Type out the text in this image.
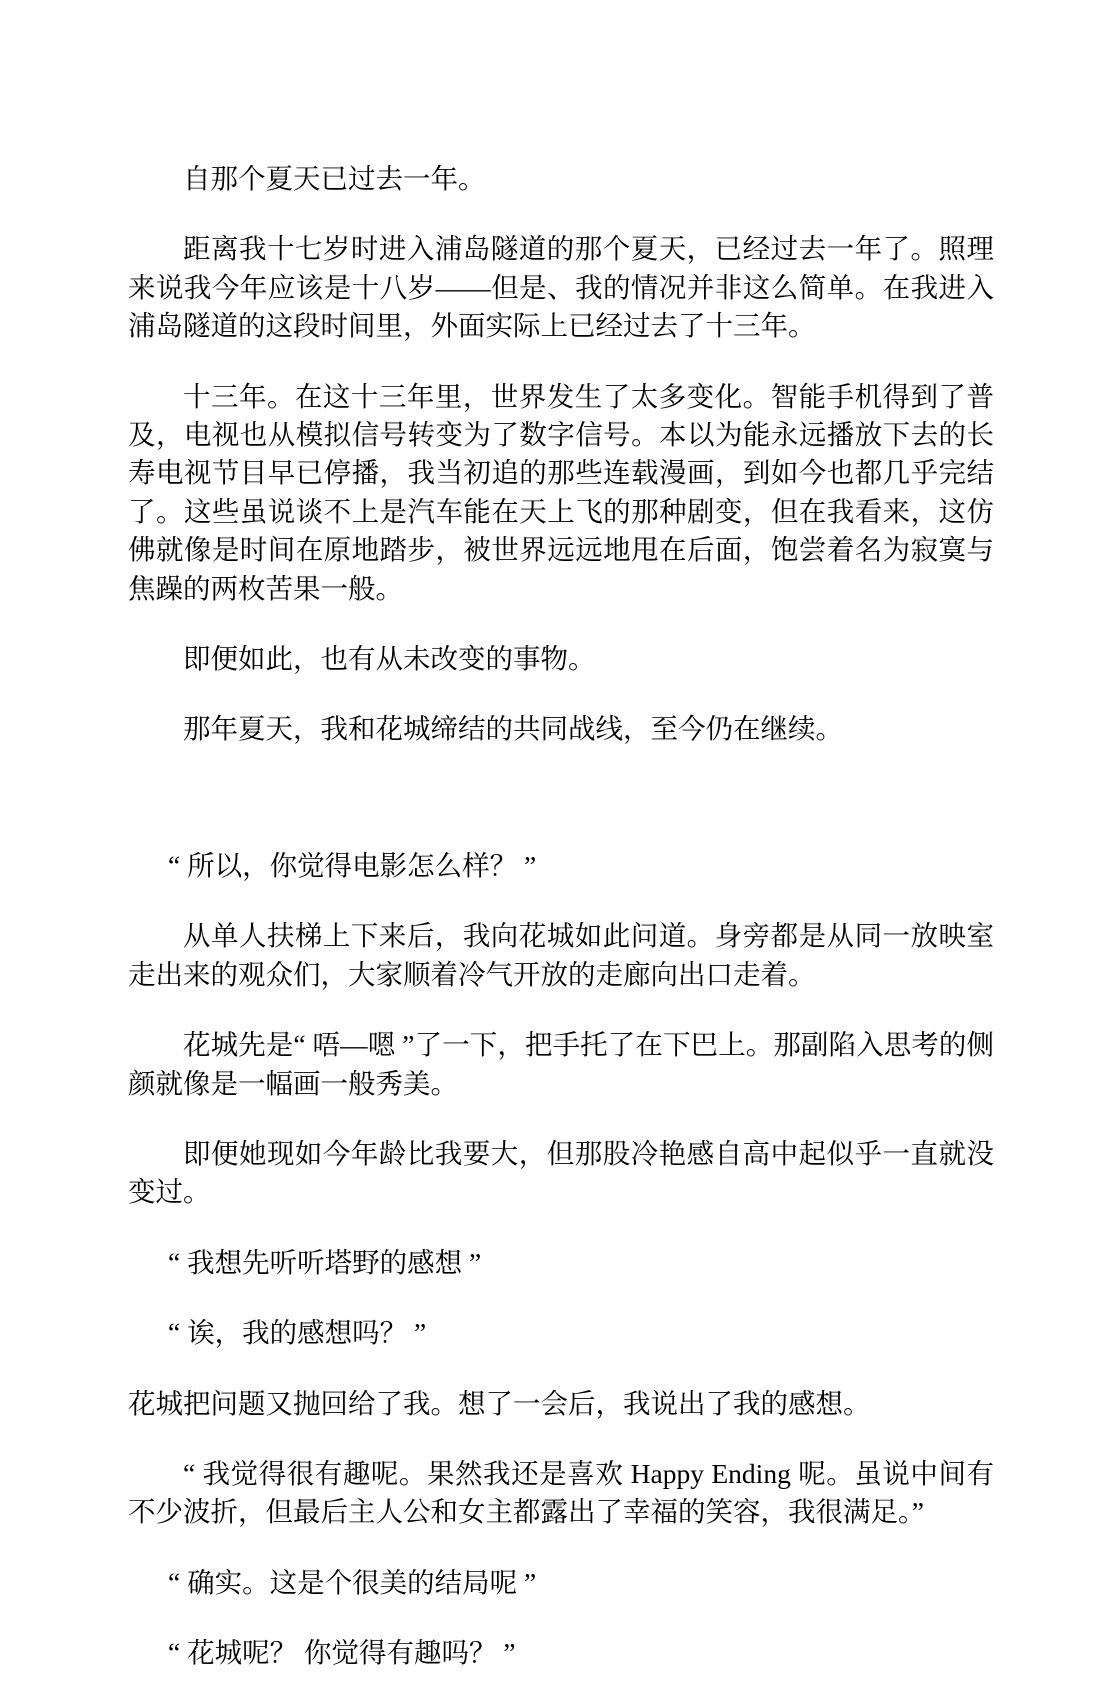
自那个夏天已过去一年。

距离我十七岁时进入浦岛隧道的那个夏天，已经过去一年了。照理来说我今年应该是十八岁——但是、我的情况并非这么简单。在我进入浦岛隧道的这段时间里，外面实际上已经过去了十三年。

十三年。在这十三年里，世界发生了太多变化。智能手机得到了普及，电视也从模拟信号转变为了数字信号。本以为能永远播放下去的长寿电视节目早已停播，我当初追的那些连载漫画，到如今也都几乎完结了。这些虽说谈不上是汽车能在天上飞的那种剧变，但在我看来，这仿佛就像是时间在原地踏步，被世界远远地甩在后面，饱尝着名为寂寞与焦躁的两枚苦果一般。

即便如此，也有从未改变的事物。

那年夏天，我和花城缔结的共同战线，至今仍在继续。

“ 所以，你觉得电影怎么样？ ”

从单人扶梯上下来后，我向花城如此问道。身旁都是从同一放映室走出来的观众们，大家顺着冷气开放的走廊向出口走着。

花城先是“ 唔—嗯 ”了一下，把手托了在下巴上。那副陷入思考的侧颜就像是一幅画一般秀美。

即便她现如今年龄比我要大，但那股冷艳感自高中起似乎一直就没变过。

“ 我想先听听塔野的感想 ”

“ 诶，我的感想吗？ ”

花城把问题又抛回给了我。想了一会后，我说出了我的感想。

“ 我觉得很有趣呢。果然我还是喜欢 Happy Ending 呢。虽说中间有不少波折，但最后主人公和女主都露出了幸福的笑容，我很满足。”

“ 确实。这是个很美的结局呢 ”

“ 花城呢？ 你觉得有趣吗？ ”
